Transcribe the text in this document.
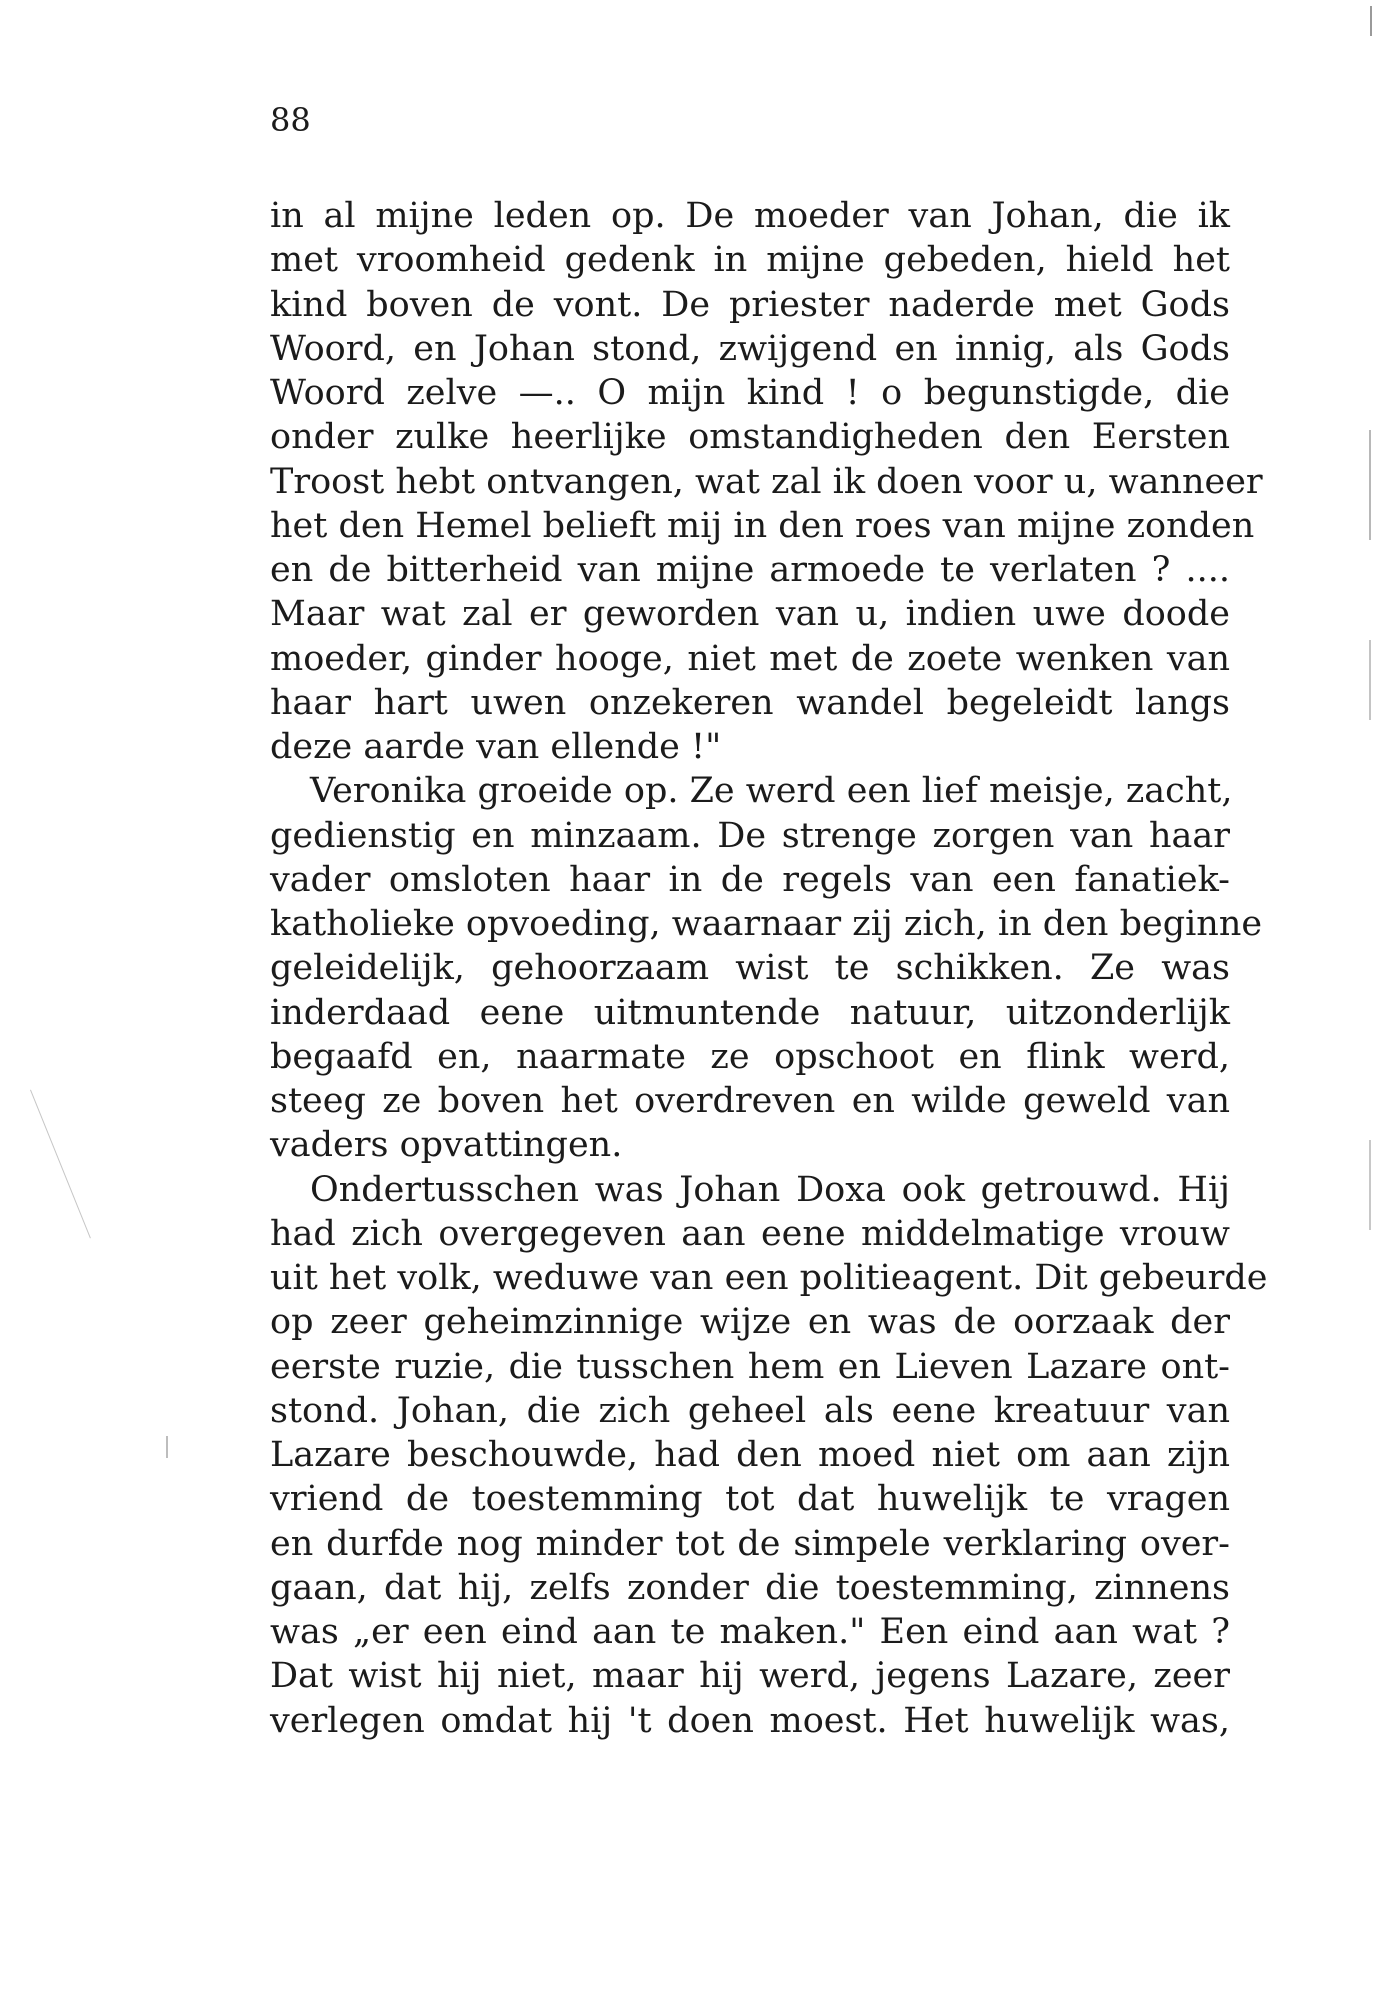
88
in al mijne leden op. De moeder van Johan, die ik
met vroomheid gedenk in mijne gebeden, hield het
kind boven de vont. De priester naderde met Gods
Woord, en Johan stond, zwijgend en innig, als Gods
Woord zelve —.. O mijn kind ! o begunstigde, die
onder zulke heerlijke omstandigheden den Eersten
Troost hebt ontvangen, wat zal ik doen voor u, wanneer
het den Hemel belieft mij in den roes van mijne zonden
en de bitterheid van mijne armoede te verlaten ? ....
Maar wat zal er geworden van u, indien uwe doode
moeder, ginder hooge, niet met de zoete wenken van
haar hart uwen onzekeren wandel begeleidt langs
deze aarde van ellende !"
Veronika groeide op. Ze werd een lief meisje, zacht,
gedienstig en minzaam. De strenge zorgen van haar
vader omsloten haar in de regels van een fanatiek-
katholieke opvoeding, waarnaar zij zich, in den beginne
geleidelijk, gehoorzaam wist te schikken. Ze was
inderdaad eene uitmuntende natuur, uitzonderlijk
begaafd en, naarmate ze opschoot en flink werd,
steeg ze boven het overdreven en wilde geweld van
vaders opvattingen.
Ondertusschen was Johan Doxa ook getrouwd. Hij
had zich overgegeven aan eene middelmatige vrouw
uit het volk, weduwe van een politieagent. Dit gebeurde
op zeer geheimzinnige wijze en was de oorzaak der
eerste ruzie, die tusschen hem en Lieven Lazare ont-
stond. Johan, die zich geheel als eene kreatuur van
Lazare beschouwde, had den moed niet om aan zijn
vriend de toestemming tot dat huwelijk te vragen
en durfde nog minder tot de simpele verklaring over-
gaan, dat hij, zelfs zonder die toestemming, zinnens
was „er een eind aan te maken." Een eind aan wat ?
Dat wist hij niet, maar hij werd, jegens Lazare, zeer
verlegen omdat hij 't doen moest. Het huwelijk was,
